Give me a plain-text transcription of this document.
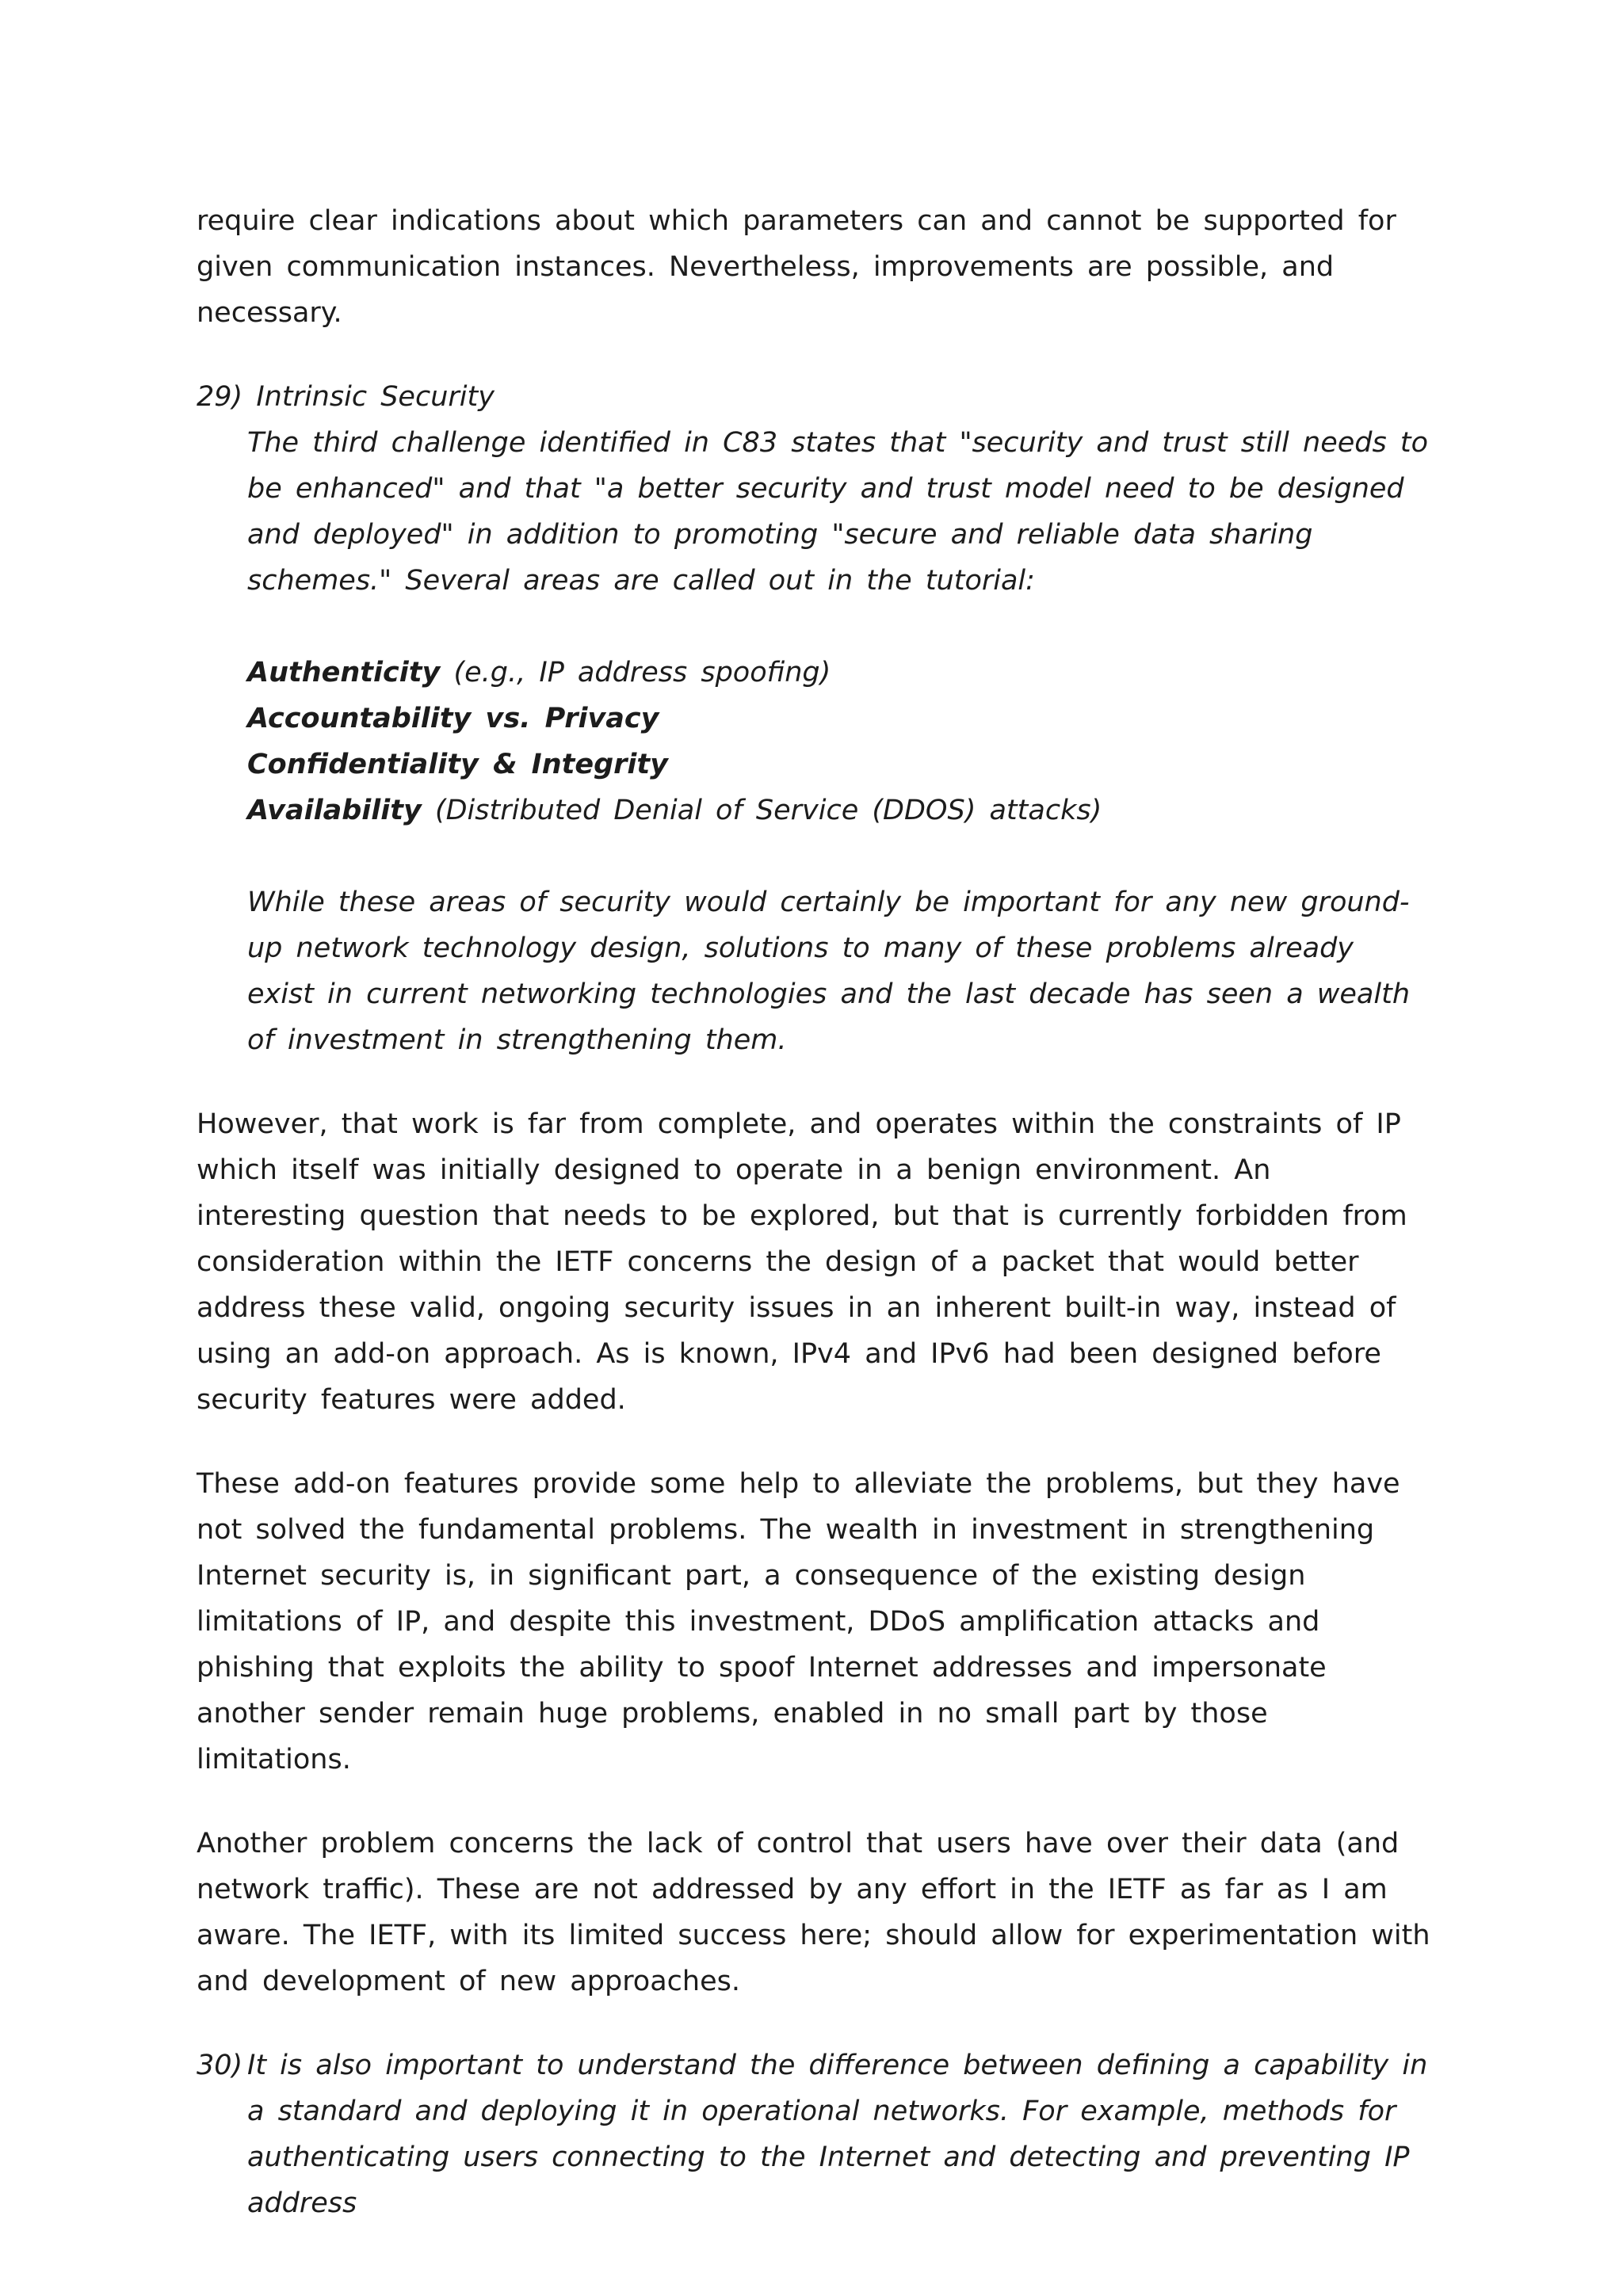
require clear indications about which parameters can and cannot be supported for given communication instances. Nevertheless, improvements are possible, and necessary.

29) Intrinsic Security

The third challenge identified in C83 states that "security and trust still needs to be enhanced" and that "a better security and trust model need to be designed and deployed" in addition to promoting "secure and reliable data sharing schemes." Several areas are called out in the tutorial:

Authenticity (e.g., IP address spoofing)

Accountability vs. Privacy

Confidentiality & Integrity

Availability (Distributed Denial of Service (DDOS) attacks)

While these areas of security would certainly be important for any new ground-up network technology design, solutions to many of these problems already exist in current networking technologies and the last decade has seen a wealth of investment in strengthening them.

However, that work is far from complete, and operates within the constraints of IP which itself was initially designed to operate in a benign environment. An interesting question that needs to be explored, but that is currently forbidden from consideration within the IETF concerns the design of a packet that would better address these valid, ongoing security issues in an inherent built-in way, instead of using an add-on approach. As is known, IPv4 and IPv6 had been designed before security features were added.

These add-on features provide some help to alleviate the problems, but they have not solved the fundamental problems. The wealth in investment in strengthening Internet security is, in significant part, a consequence of the existing design limitations of IP, and despite this investment, DDoS amplification attacks and phishing that exploits the ability to spoof Internet addresses and impersonate another sender remain huge problems, enabled in no small part by those limitations.

Another problem concerns the lack of control that users have over their data (and network traffic). These are not addressed by any effort in the IETF as far as I am aware. The IETF, with its limited success here; should allow for experimentation with and development of new approaches.

30) It is also important to understand the difference between defining a capability in a standard and deploying it in operational networks. For example, methods for authenticating users connecting to the Internet and detecting and preventing IP address
